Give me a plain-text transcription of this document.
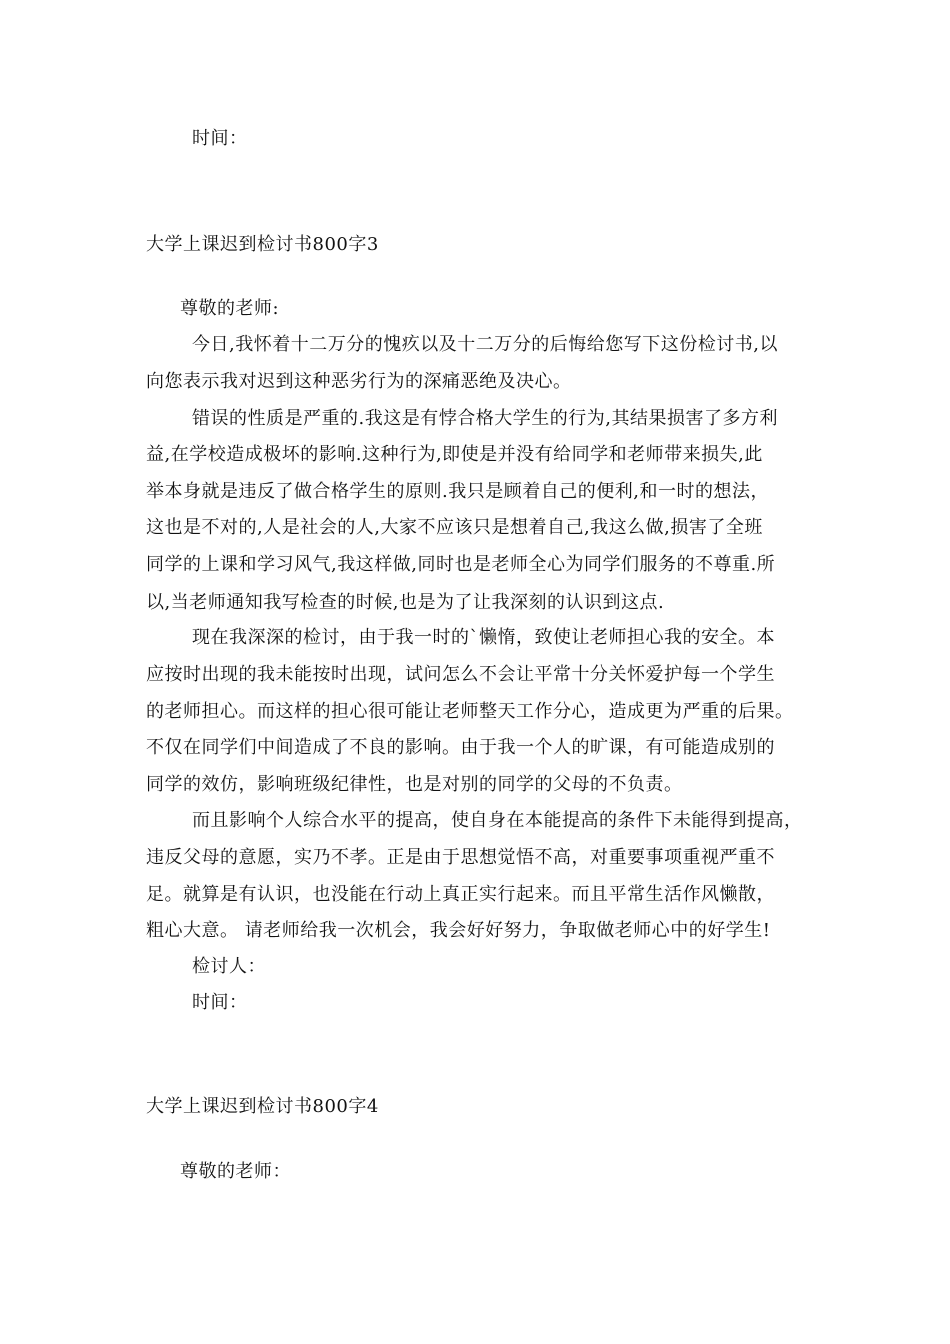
时间：
大学上课迟到检讨书800字3
尊敬的老师:
今日,我怀着十二万分的愧疚以及十二万分的后悔给您写下这份检讨书,以
向您表示我对迟到这种恶劣行为的深痛恶绝及决心。
错误的性质是严重的.我这是有悖合格大学生的行为,其结果损害了多方利
益,在学校造成极坏的影响.这种行为,即使是并没有给同学和老师带来损失,此
举本身就是违反了做合格学生的原则.我只是顾着自己的便利,和一时的想法，
这也是不对的,人是社会的人,大家不应该只是想着自己,我这么做,损害了全班
同学的上课和学习风气,我这样做,同时也是老师全心为同学们服务的不尊重.所
以,当老师通知我写检查的时候,也是为了让我深刻的认识到这点.
现在我深深的检讨，由于我一时的`懒惰，致使让老师担心我的安全。本
应按时出现的我未能按时出现，试问怎么不会让平常十分关怀爱护每一个学生
的老师担心。而这样的担心很可能让老师整天工作分心，造成更为严重的后果。
不仅在同学们中间造成了不良的影响。由于我一个人的旷课，有可能造成别的
同学的效仿，影响班级纪律性，也是对别的同学的父母的不负责。
而且影响个人综合水平的提高，使自身在本能提高的条件下未能得到提高，
违反父母的意愿，实乃不孝。正是由于思想觉悟不高，对重要事项重视严重不
足。就算是有认识，也没能在行动上真正实行起来。而且平常生活作风懒散，
粗心大意。 请老师给我一次机会，我会好好努力，争取做老师心中的好学生!
检讨人：
时间：
大学上课迟到检讨书800字4
尊敬的老师：
